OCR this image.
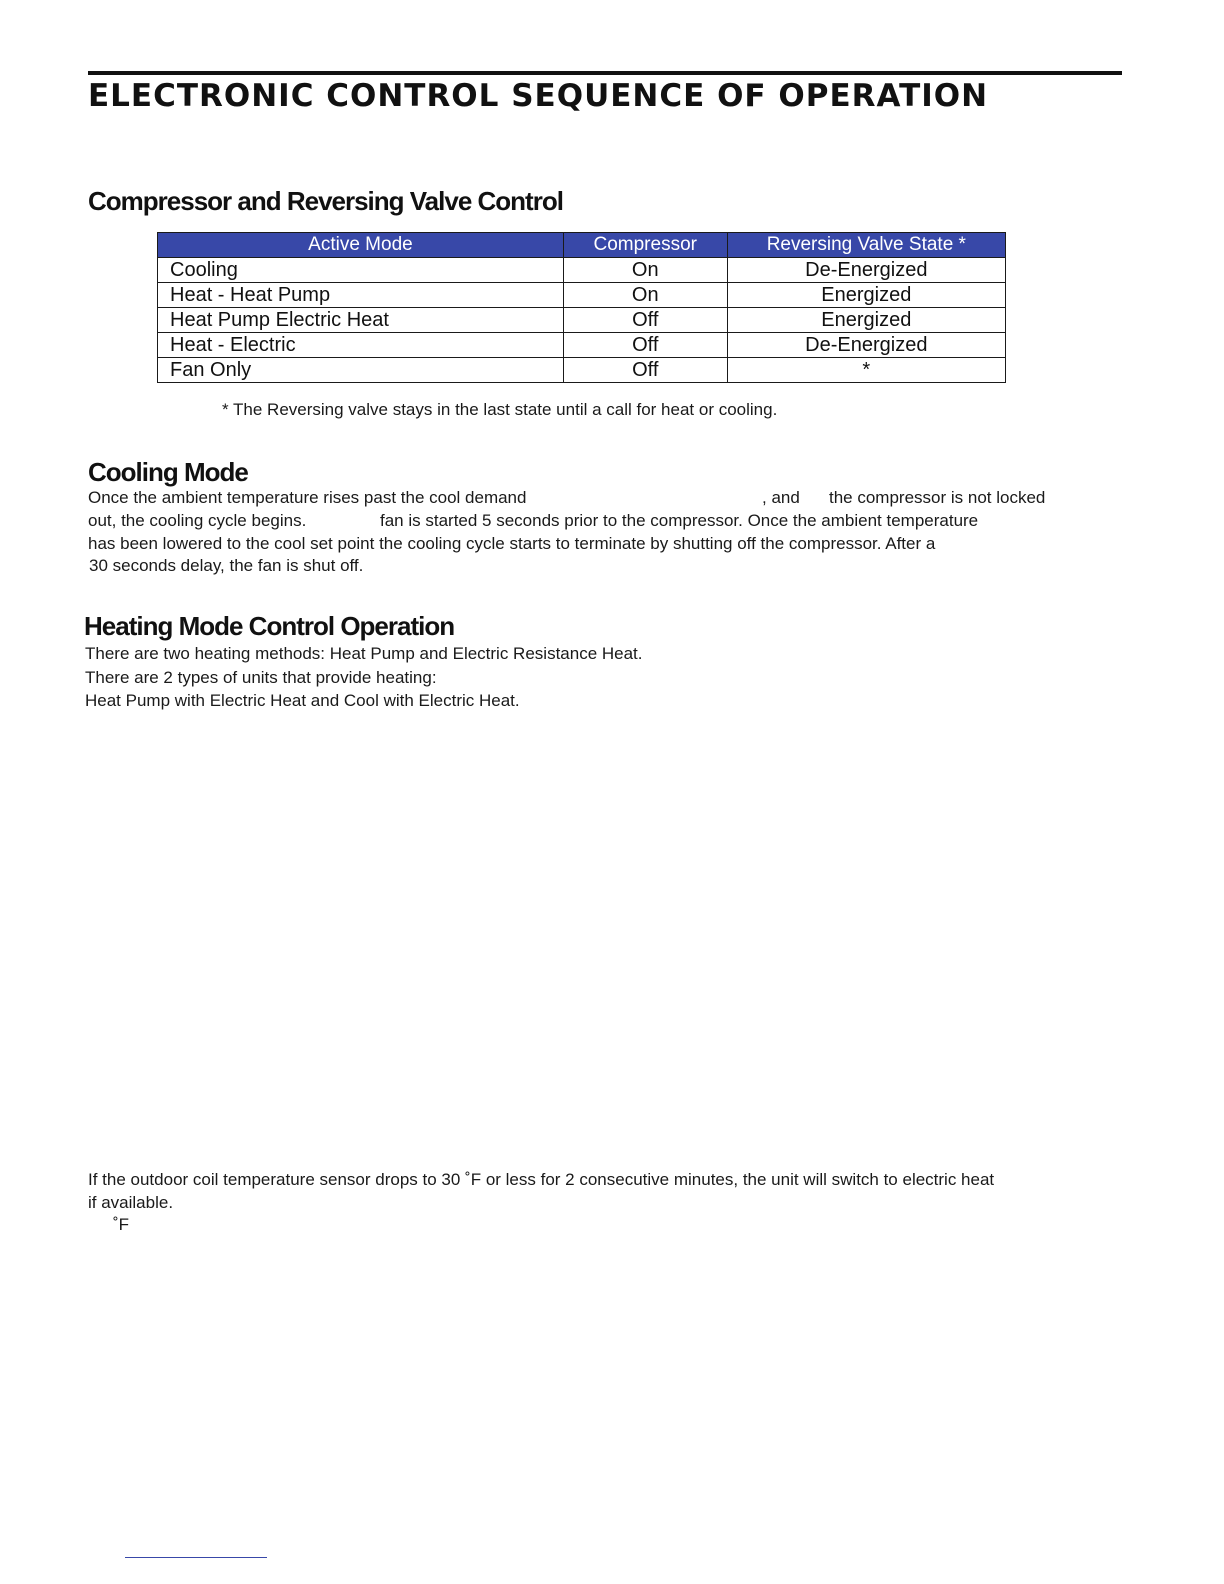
ELECTRONIC CONTROL SEQUENCE OF OPERATION
Compressor and Reversing Valve Control
Active Mode	Compressor	Reversing Valve State *
Cooling	On	De-Energized
Heat - Heat Pump	On	Energized
Heat Pump Electric Heat	Off	Energized
Heat - Electric	Off	De-Energized
Fan Only	Off	*
* The Reversing valve stays in the last state until a call for heat or cooling.
Cooling Mode
Once the ambient temperature rises past the cool demand	, and the compressor is not locked
out, the cooling cycle begins.	fan is started 5 seconds prior to the compressor. Once the ambient temperature
has been lowered to the cool set point the cooling cycle starts to terminate by shutting off the compressor. After a
30 seconds delay, the fan is shut off.
Heating Mode Control Operation
There are two heating methods: Heat Pump and Electric Resistance Heat.
There are 2 types of units that provide heating:
Heat Pump with Electric Heat and Cool with Electric Heat.
If the outdoor coil temperature sensor drops to 30 ˚F or less for 2 consecutive minutes, the unit will switch to electric heat
if available.
˚F
